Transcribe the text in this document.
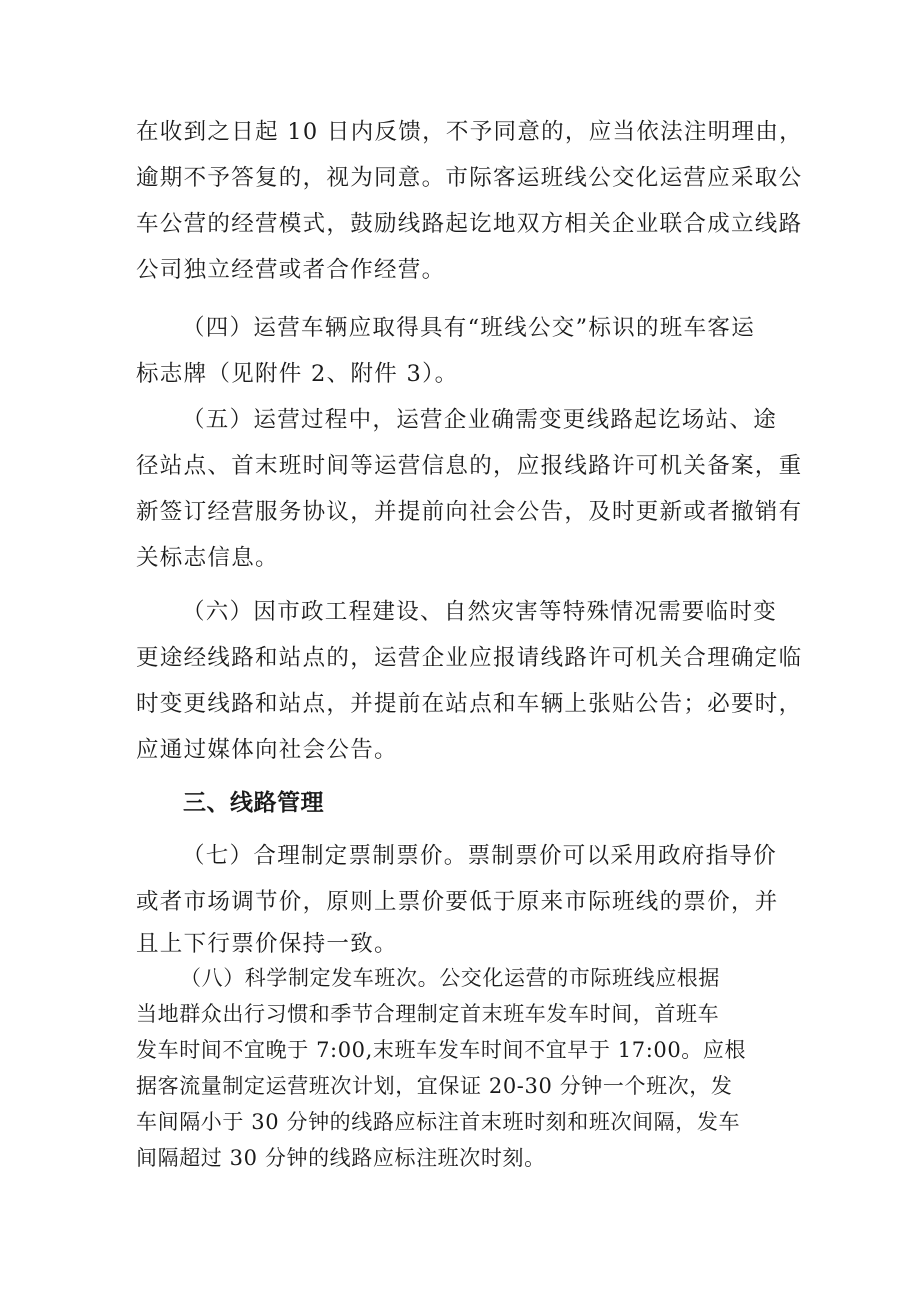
在收到之日起 10 日内反馈，不予同意的，应当依法注明理由，
逾期不予答复的，视为同意。市际客运班线公交化运营应采取公
车公营的经营模式，鼓励线路起讫地双方相关企业联合成立线路
公司独立经营或者合作经营。
（四）运营车辆应取得具有“班线公交”标识的班车客运
标志牌（见附件 2、附件 3）。
（五）运营过程中，运营企业确需变更线路起讫场站、途
径站点、首末班时间等运营信息的，应报线路许可机关备案，重
新签订经营服务协议，并提前向社会公告，及时更新或者撤销有
关标志信息。
（六）因市政工程建设、自然灾害等特殊情况需要临时变
更途经线路和站点的，运营企业应报请线路许可机关合理确定临
时变更线路和站点，并提前在站点和车辆上张贴公告；必要时，
应通过媒体向社会公告。
三、线路管理
（七）合理制定票制票价。票制票价可以采用政府指导价
或者市场调节价，原则上票价要低于原来市际班线的票价，并
且上下行票价保持一致。
（八）科学制定发车班次。公交化运营的市际班线应根据
当地群众出行习惯和季节合理制定首末班车发车时间，首班车
发车时间不宜晚于 7:00,末班车发车时间不宜早于 17:00。应根
据客流量制定运营班次计划，宜保证 20-30 分钟一个班次，发
车间隔小于 30 分钟的线路应标注首末班时刻和班次间隔，发车
间隔超过 30 分钟的线路应标注班次时刻。
